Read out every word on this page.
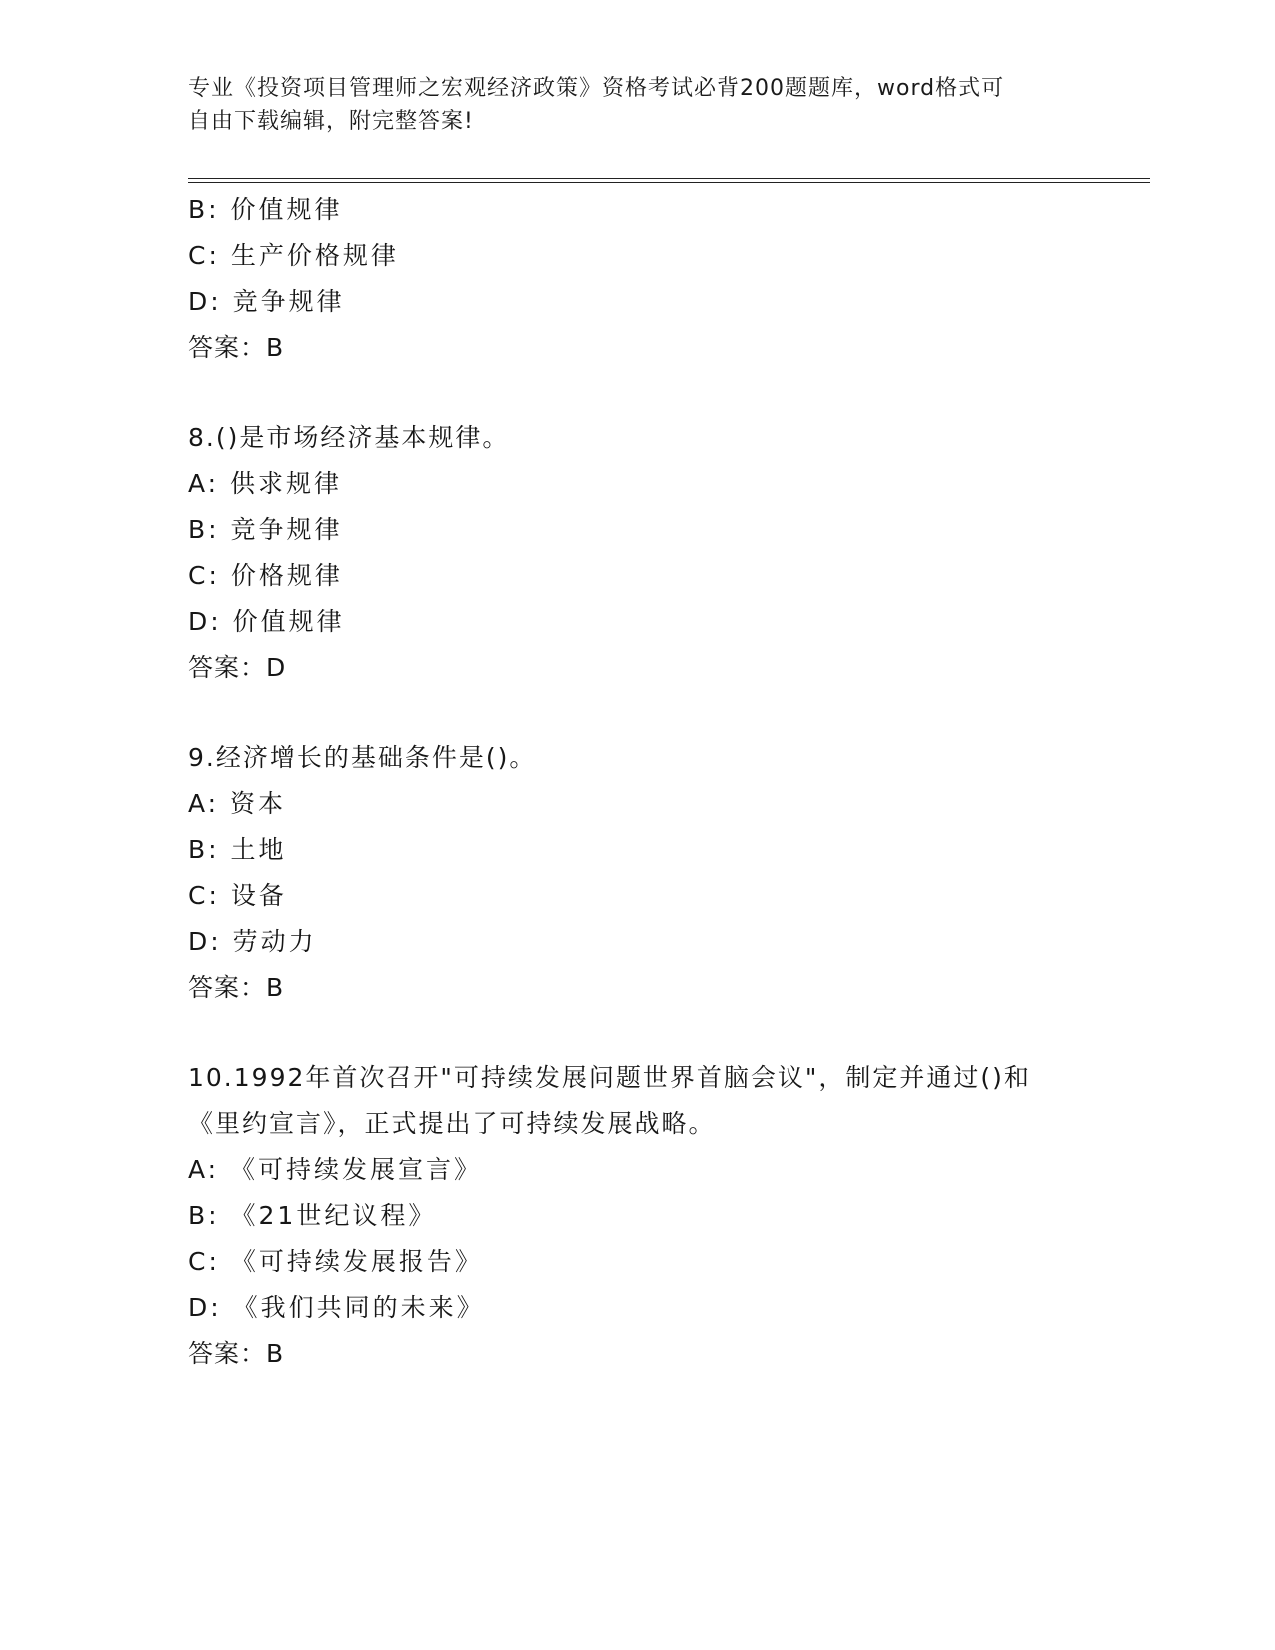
专业《投资项目管理师之宏观经济政策》资格考试必背200题题库，word格式可
自由下载编辑，附完整答案!
B: 价值规律
C: 生产价格规律
D: 竞争规律
答案：B
8.()是市场经济基本规律。
A: 供求规律
B: 竞争规律
C: 价格规律
D: 价值规律
答案：D
9.经济增长的基础条件是()。
A: 资本
B: 土地
C: 设备
D: 劳动力
答案：B
10.1992年首次召开"可持续发展问题世界首脑会议"，制定并通过()和
《里约宣言》，正式提出了可持续发展战略。
A: 《可持续发展宣言》
B: 《21世纪议程》
C: 《可持续发展报告》
D: 《我们共同的未来》
答案：B
